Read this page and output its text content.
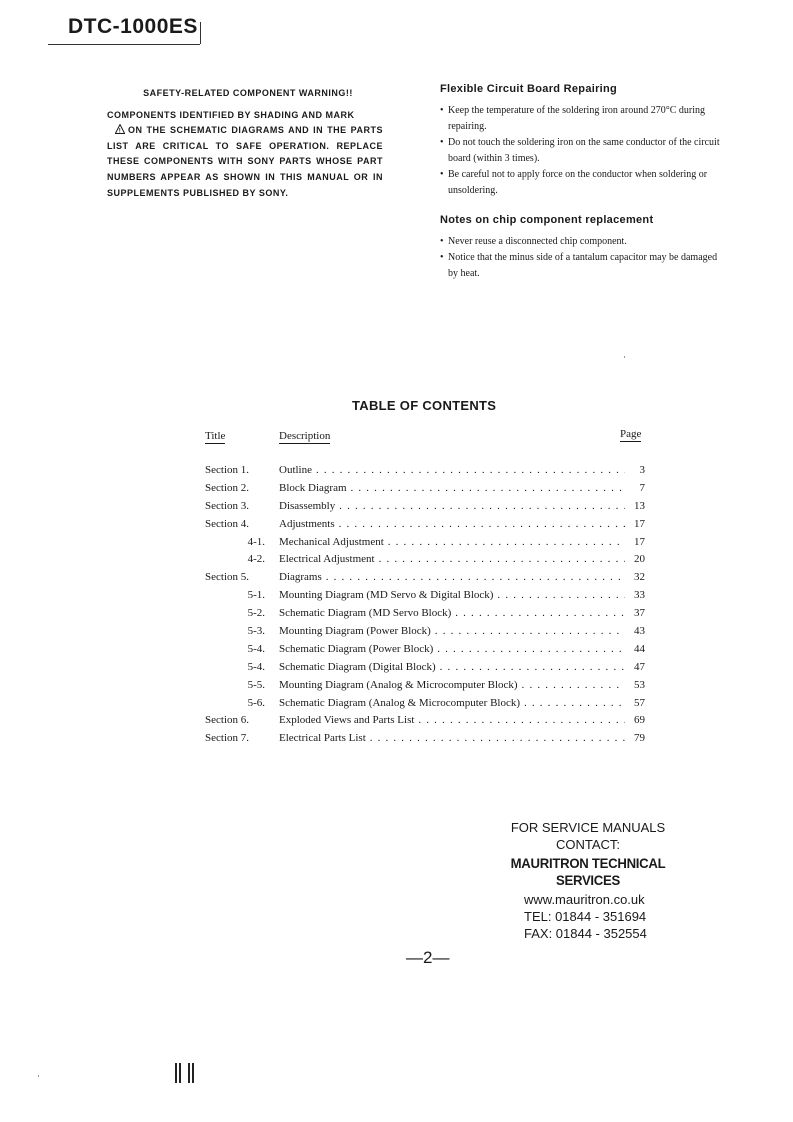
DTC-1000ES
SAFETY-RELATED COMPONENT WARNING!!
COMPONENTS IDENTIFIED BY SHADING AND MARK

! ON THE SCHEMATIC DIAGRAMS AND IN THE PARTS LIST ARE CRITICAL TO SAFE OPERATION. REPLACE THESE COMPONENTS WITH SONY PARTS WHOSE PART NUMBERS APPEAR AS SHOWN IN THIS MANUAL OR IN SUPPLEMENTS PUBLISHED BY SONY.
Flexible Circuit Board Repairing
• Keep the temperature of the soldering iron around 270°C during repairing.
• Do not touch the soldering iron on the same conductor of the circuit board (within 3 times).
• Be careful not to apply force on the conductor when soldering or unsoldering.
Notes on chip component replacement
• Never reuse a disconnected chip component.
• Notice that the minus side of a tantalum capacitor may be damaged by heat.
TABLE OF CONTENTS
Title	Description	Page
Section 1.	Outline . . .	3
Section 2.	Block Diagram . . .	7
Section 3.	Disassembly . . .	13
Section 4.	Adjustments . . .	17
4-1. Mechanical Adjustment . . .	17
4-2. Electrical Adjustment . . .	20
Section 5.	Diagrams . . .	32
5-1. Mounting Diagram (MD Servo & Digital Block) . . .	33
5-2. Schematic Diagram (MD Servo Block) . . .	37
5-3. Mounting Diagram (Power Block) . . .	43
5-4. Schematic Diagram (Power Block) . . .	44
5-4. Schematic Diagram (Digital Block) . . .	47
5-5. Mounting Diagram (Analog & Microcomputer Block) . . .	53
5-6. Schematic Diagram (Analog & Microcomputer Block) . . .	57
Section 6.	Exploded Views and Parts List . . .	69
Section 7.	Electrical Parts List . . .	79
FOR SERVICE MANUALS
CONTACT:
MAURITRON TECHNICAL SERVICES
www.mauritron.co.uk
TEL: 01844 - 351694
FAX: 01844 - 352554
—2—
